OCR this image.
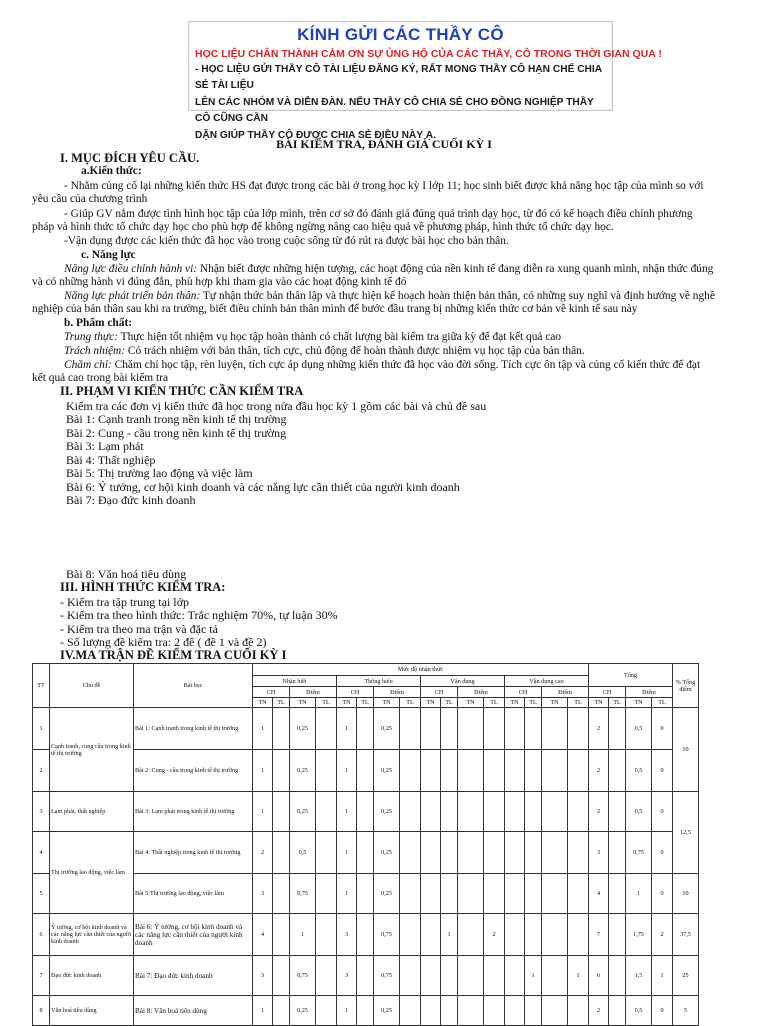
KÍNH GỬI CÁC THẦY CÔ
HỌC LIỆU CHÂN THÀNH CẢM ƠN SỰ ỦNG HỘ CỦA CÁC THẦY, CÔ TRONG THỜI GIAN QUA !
- HỌC LIỆU GỬI THẦY CÔ TÀI LIỆU ĐĂNG KÝ, RẤT MONG THẦY CÔ HẠN CHẾ CHIA SẺ TÀI LIỆU
LÊN CÁC NHÓM VÀ DIỄN ĐÀN. NẾU THẦY CÔ CHIA SẺ CHO ĐỒNG NGHIỆP THẦY CÔ CŨNG CẦN
DẶN GIÚP THẦY CÔ ĐƯỢC CHIA SẺ ĐIỀU NÀY Ạ.
BÀI KIỂM TRA, ĐÁNH GIÁ CUỐI KỲ I
I. MỤC ĐÍCH YÊU CẦU.
a.Kiến thức:
- Nhằm củng cố lại những kiến thức HS đạt được trong các bài ở trong học kỳ I lớp 11; học sinh biết được khả năng học tập của mình so với
yêu cầu của chương trình
- Giúp GV nắm được tình hình học tập của lớp mình, trên cơ sở đó đánh giá đúng quá trình dạy học, từ đó có kế hoạch điều chỉnh phương
pháp và hình thức tổ chức dạy học cho phù hợp để không ngừng nâng cao hiệu quả về phương pháp, hình thức tổ chức dạy học.
-Vận dụng được các kiến thức đã học vào trong cuộc sống từ đó rút ra được bài học cho bản thân.
c. Năng lực
Năng lực điều chỉnh hành vi: Nhận biết được những hiện tượng, các hoạt động của nền kinh tế đang diễn ra xung quanh mình, nhận thức đúng
và có những hành vi đúng đắn, phù hợp khi tham gia vào các hoạt động kinh tế đó
Năng lực phát triển bản thân: Tự nhận thức bản thân lập và thực hiện kế hoạch hoàn thiện bản thân, có những suy nghĩ và định hướng về nghề
nghiệp của bản thân sau khi ra trường, biết điều chỉnh bản thân mình để bước đầu trang bị những kiến thức cơ bản về kinh tế sau này
b. Phẩm chất:
Trung thực: Thực hiện tốt nhiệm vụ học tập hoàn thành có chất lượng bài kiểm tra giữa kỳ để đạt kết quả cao
Trách nhiệm: Có trách nhiệm với bản thân, tích cực, chủ động để hoàn thành được nhiệm vụ học tập của bản thân.
Chăm chỉ: Chăm chỉ học tập, rèn luyện, tích cực áp dụng những kiến thức đã học vào đời sống. Tích cực ôn tập và củng cố kiến thức để đạt
kết quả cao trong bài kiểm tra
II. PHẠM VI KIẾN THỨC CẦN KIỂM TRA
Kiểm tra các đơn vị kiến thức đã học trong nửa đầu học kỳ 1 gồm các bài và chủ đề sau
Bài 1: Cạnh tranh trong nền kinh tế thị trường
Bài 2: Cung - cầu trong nền kinh tế thị trường
Bài 3: Lạm phát
Bài 4: Thất nghiệp
Bài 5: Thị trường lao động và việc làm
Bài 6: Ý tưởng, cơ hội kinh doanh và các năng lực cần thiết của người kinh doanh
Bài 7: Đạo đức kinh doanh
Bài 8: Văn hoá tiêu dùng
III. HÌNH THỨC KIỂM TRA:
- Kiểm tra tập trung tại lớp
- Kiểm tra theo hình thức: Trắc nghiệm 70%, tự luận 30%
- Kiểm tra theo ma trận và đặc tả
- Số lượng đề kiểm tra: 2 đề ( đề 1 và đề 2)
IV.MA TRẬN ĐỀ KIỂM TRA CUỐI KỲ I
TT	Chủ đề	Bài học	Mức độ nhận thức																Tổng				% Tổng điểm
			Nhận biết				Thông hiểu				Vận dụng				Vận dụng cao								
			CH		Điểm		CH		Điểm		CH		Điểm		CH		Điểm		CH		Điểm		
			TN	TL	TN	TL	TN	TL	TN	TL	TN	TL	TN	TL	TN	TL	TN	TL	TN	TL	TN	TL	
1	Cạnh tranh, cung cầu trong kinh tế thị trường	Bài 1: Cạnh tranh trong kinh tế thị trường	1		0,25		1		0,25										2		0,5	0	10
2		Bài 2: Cung - cầu trong kinh tế thị trường	1		0,25		1		0,25										2		0,5	0	
3	Lạm phát, thất nghiệp	Bài 3: Lạm phát trong kinh tế thị trường	1		0,25		1		0,25										2		0,5	0	12,5
4	Thị trường lao động, việc làm	Bài 4: Thất nghiệp trong kinh tế thị trường	2		0,5		1		0,25										3		0,75	0	
5		Bài 5:Thị trường lao động, việc làm	3		0,75		1		0,25										4		1	0	10
6	Ý tưởng, cơ hội kinh doanh và các năng lực cần thiết của người kinh doanh	Bài 6: Ý tưởng, cơ hội kinh doanh và các năng lực cần thiết của người kinh doanh	4		1		3		0,75			1		2					7		1,75	2	37,5
7	Đạo đức kinh doanh	Bài 7: Đạo đức kinh doanh	3		0,75		3		0,75							1		1	6		1,5	1	25
8	Văn hoá tiêu dùng	Bài 8: Văn hoá tiêu dùng	1		0,25		1		0,25										2		0,5	0	5
